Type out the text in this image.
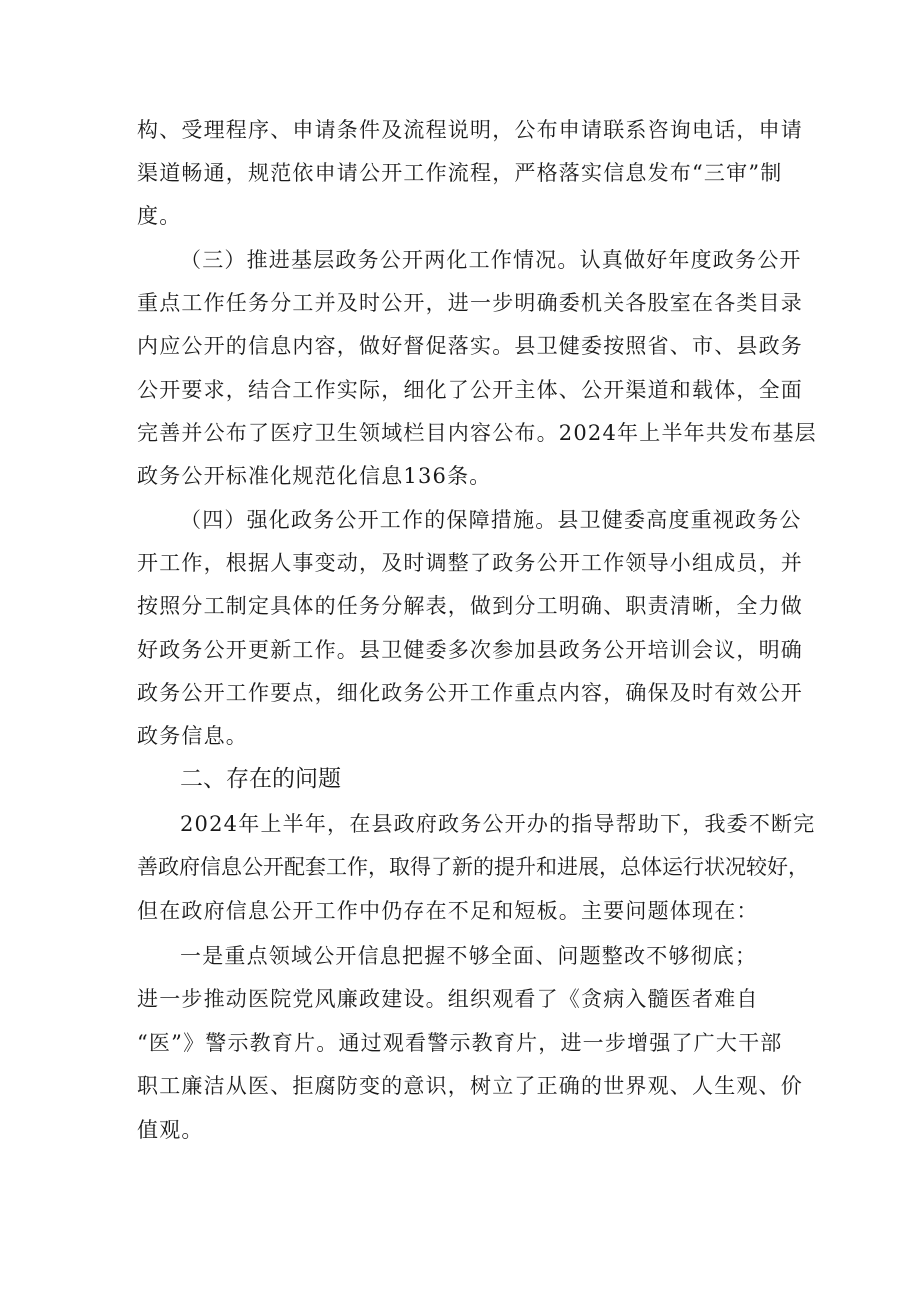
构、受理程序、申请条件及流程说明，公布申请联系咨询电话，申请
渠道畅通，规范依申请公开工作流程，严格落实信息发布“三审”制
度。
（三）推进基层政务公开两化工作情况。认真做好年度政务公开
重点工作任务分工并及时公开，进一步明确委机关各股室在各类目录
内应公开的信息内容，做好督促落实。县卫健委按照省、市、县政务
公开要求，结合工作实际，细化了公开主体、公开渠道和载体，全面
完善并公布了医疗卫生领域栏目内容公布。2024年上半年共发布基层
政务公开标准化规范化信息136条。
（四）强化政务公开工作的保障措施。县卫健委高度重视政务公
开工作，根据人事变动，及时调整了政务公开工作领导小组成员，并
按照分工制定具体的任务分解表，做到分工明确、职责清晰，全力做
好政务公开更新工作。县卫健委多次参加县政务公开培训会议，明确
政务公开工作要点，细化政务公开工作重点内容，确保及时有效公开
政务信息。
二、存在的问题
2024年上半年，在县政府政务公开办的指导帮助下，我委不断完
善政府信息公开配套工作，取得了新的提升和进展，总体运行状况较好，
但在政府信息公开工作中仍存在不足和短板。主要问题体现在：
一是重点领域公开信息把握不够全面、问题整改不够彻底；
进一步推动医院党风廉政建设。组织观看了《贪病入髓医者难自
“医”》警示教育片。通过观看警示教育片，进一步增强了广大干部
职工廉洁从医、拒腐防变的意识，树立了正确的世界观、人生观、价
值观。
